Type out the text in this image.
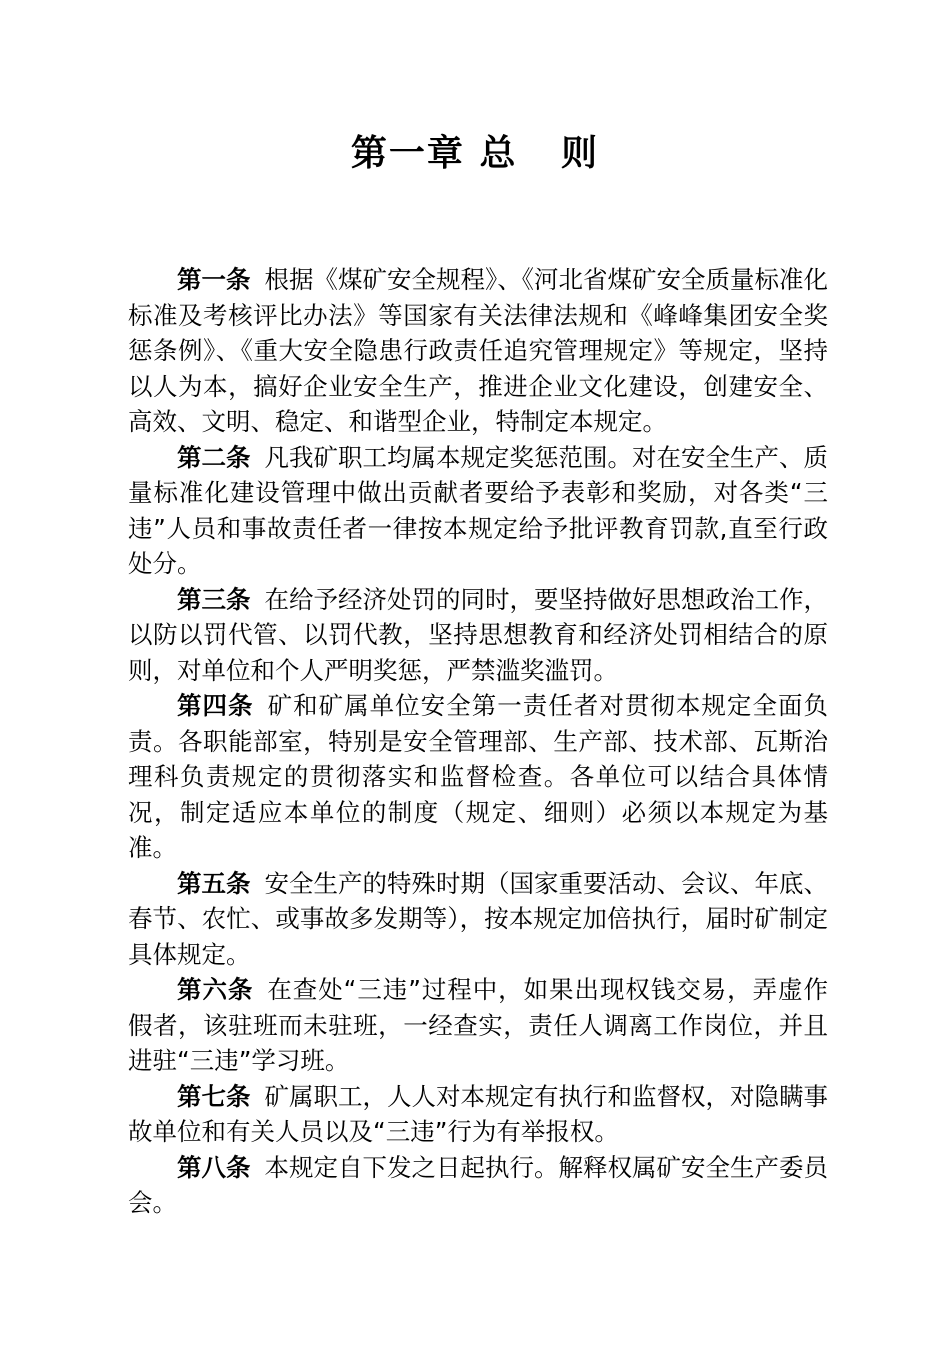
第一章 总   则

第一条 根据《煤矿安全规程》、《河北省煤矿安全质量标准化标准及考核评比办法》等国家有关法律法规和《峰峰集团安全奖惩条例》、《重大安全隐患行政责任追究管理规定》等规定，坚持以人为本，搞好企业安全生产，推进企业文化建设，创建安全、高效、文明、稳定、和谐型企业，特制定本规定。

第二条 凡我矿职工均属本规定奖惩范围。对在安全生产、质量标准化建设管理中做出贡献者要给予表彰和奖励，对各类“三违”人员和事故责任者一律按本规定给予批评教育罚款,直至行政处分。

第三条 在给予经济处罚的同时，要坚持做好思想政治工作，以防以罚代管、以罚代教，坚持思想教育和经济处罚相结合的原则，对单位和个人严明奖惩，严禁滥奖滥罚。

第四条 矿和矿属单位安全第一责任者对贯彻本规定全面负责。各职能部室，特别是安全管理部、生产部、技术部、瓦斯治理科负责规定的贯彻落实和监督检查。各单位可以结合具体情况，制定适应本单位的制度（规定、细则）必须以本规定为基准。

第五条 安全生产的特殊时期（国家重要活动、会议、年底、春节、农忙、或事故多发期等），按本规定加倍执行，届时矿制定具体规定。

第六条 在查处“三违”过程中，如果出现权钱交易，弄虚作假者，该驻班而未驻班，一经查实，责任人调离工作岗位，并且进驻“三违”学习班。

第七条 矿属职工，人人对本规定有执行和监督权，对隐瞒事故单位和有关人员以及“三违”行为有举报权。

第八条 本规定自下发之日起执行。解释权属矿安全生产委员会。
